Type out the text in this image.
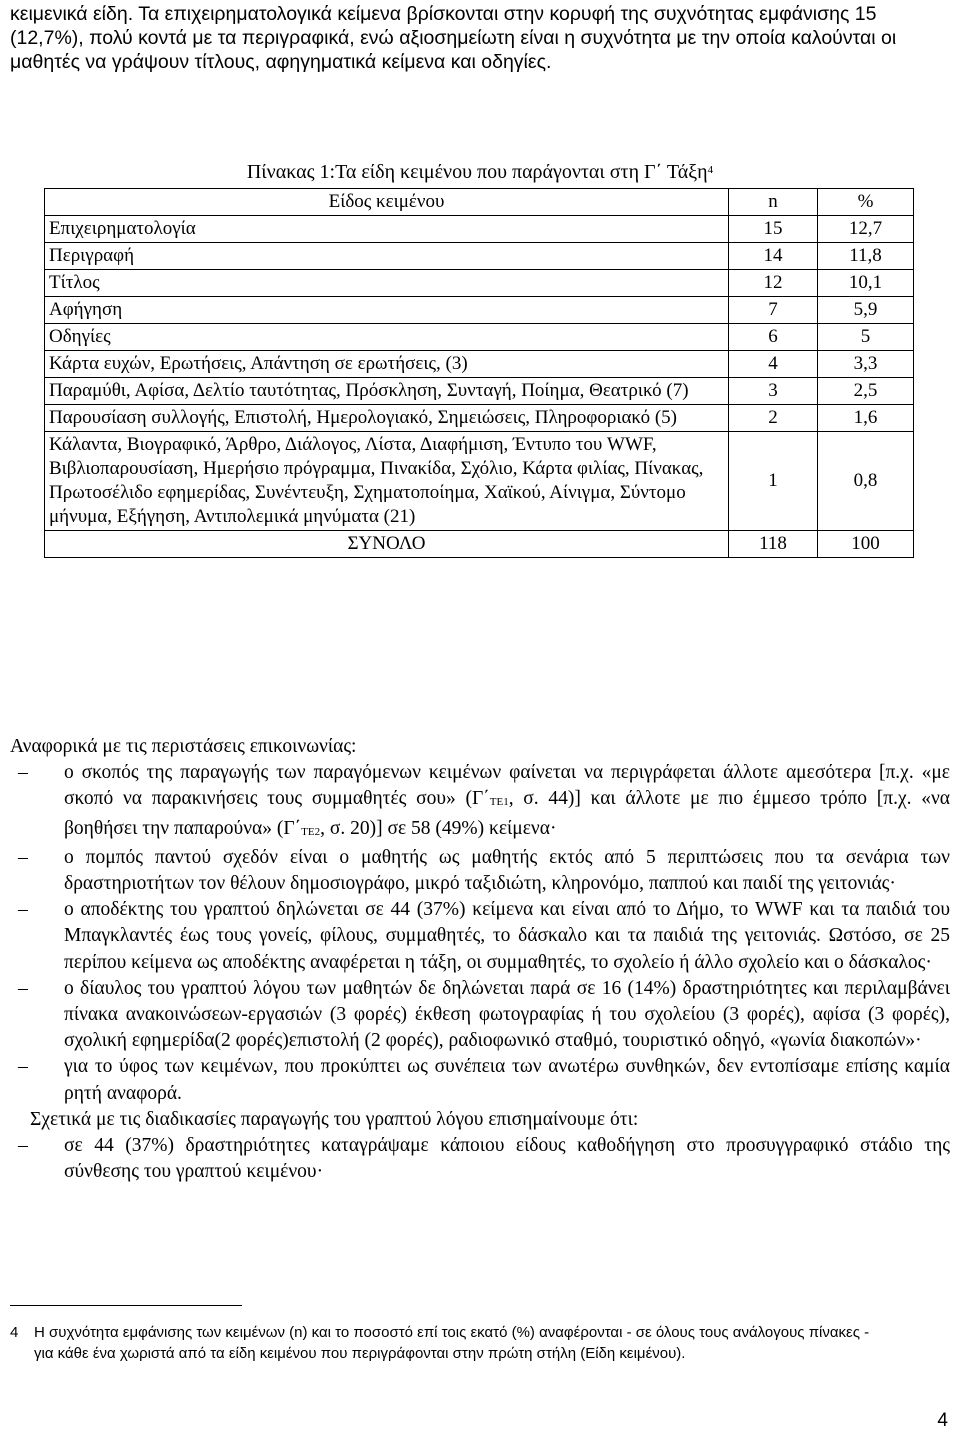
κειμενικά είδη. Τα επιχειρηματολογικά κείμενα βρίσκονται στην κορυφή της συχνότητας εμφάνισης 15 (12,7%), πολύ κοντά με τα περιγραφικά, ενώ αξιοσημείωτη είναι η συχνότητα με την οποία καλούνται οι μαθητές να γράψουν τίτλους, αφηγηματικά κείμενα και οδηγίες.

Πίνακας 1:Τα είδη κειμένου που παράγονται στη Γ΄ Τάξη$^4$
Είδος κειμένου	n	%
Επιχειρηματολογία	15	12,7
Περιγραφή	14	11,8
Τίτλος	12	10,1
Αφήγηση	7	5,9
Οδηγίες	6	5
Κάρτα ευχών, Ερωτήσεις, Απάντηση σε ερωτήσεις, (3)	4	3,3
Παραμύθι, Αφίσα, Δελτίο ταυτότητας, Πρόσκληση, Συνταγή, Ποίημα, Θεατρικό (7)	3	2,5
Παρουσίαση συλλογής, Επιστολή, Ημερολογιακό, Σημειώσεις, Πληροφοριακό (5)	2	1,6
Κάλαντα, Βιογραφικό, Άρθρο, Διάλογος, Λίστα, Διαφήμιση, Έντυπο του WWF, Βιβλιοπαρουσίαση, Ημερήσιο πρόγραμμα, Πινακίδα, Σχόλιο, Κάρτα φιλίας, Πίνακας, Πρωτοσέλιδο εφημερίδας, Συνέντευξη, Σχηματοποίημα, Χαϊκού, Αίνιγμα, Σύντομο μήνυμα, Εξήγηση, Αντιπολεμικά μηνύματα (21)	1	0,8
ΣΥΝΟΛΟ	118	100

Αναφορικά με τις περιστάσεις επικοινωνίας:

– ο σκοπός της παραγωγής των παραγόμενων κειμένων φαίνεται να περιγράφεται άλλοτε αμεσότερα [π.χ. «με σκοπό να παρακινήσεις τους συμμαθητές σου» (Γ΄ΤΕ1, σ. 44)] και άλλοτε με πιο έμμεσο τρόπο [π.χ. «να βοηθήσει την παπαρούνα» (Γ΄ΤΕ2, σ. 20)] σε 58 (49%) κείμενα·
– ο πομπός παντού σχεδόν είναι ο μαθητής ως μαθητής εκτός από 5 περιπτώσεις που τα σενάρια των δραστηριοτήτων τον θέλουν δημοσιογράφο, μικρό ταξιδιώτη, κληρονόμο, παππού και παιδί της γειτονιάς·
– ο αποδέκτης του γραπτού δηλώνεται σε 44 (37%) κείμενα και είναι από το Δήμο, το WWF και τα παιδιά του Μπαγκλαντές έως τους γονείς, φίλους, συμμαθητές, το δάσκαλο και τα παιδιά της γειτονιάς. Ωστόσο, σε 25 περίπου κείμενα ως αποδέκτης αναφέρεται η τάξη, οι συμμαθητές, το σχολείο ή άλλο σχολείο και ο δάσκαλος·
– ο δίαυλος του γραπτού λόγου των μαθητών δε δηλώνεται παρά σε 16 (14%) δραστηριότητες και περιλαμβάνει πίνακα ανακοινώσεων-εργασιών (3 φορές) έκθεση φωτογραφίας ή του σχολείου (3 φορές), αφίσα (3 φορές), σχολική εφημερίδα(2 φορές)επιστολή (2 φορές), ραδιοφωνικό σταθμό, τουριστικό οδηγό, «γωνία διακοπών»·
– για το ύφος των κειμένων, που προκύπτει ως συνέπεια των ανωτέρω συνθηκών, δεν εντοπίσαμε επίσης καμία ρητή αναφορά.

Σχετικά με τις διαδικασίες παραγωγής του γραπτού λόγου επισημαίνουμε ότι:

– σε 44 (37%) δραστηριότητες καταγράψαμε κάποιου είδους καθοδήγηση στο προσυγγραφικό στάδιο της σύνθεσης του γραπτού κειμένου·
4 Η συχνότητα εμφάνισης των κειμένων (n) και το ποσοστό επί τοις εκατό (%) αναφέρονται - σε όλους τους ανάλογους πίνακες - για κάθε ένα χωριστά από τα είδη κειμένου που περιγράφονται στην πρώτη στήλη (Είδη κειμένου).
4
